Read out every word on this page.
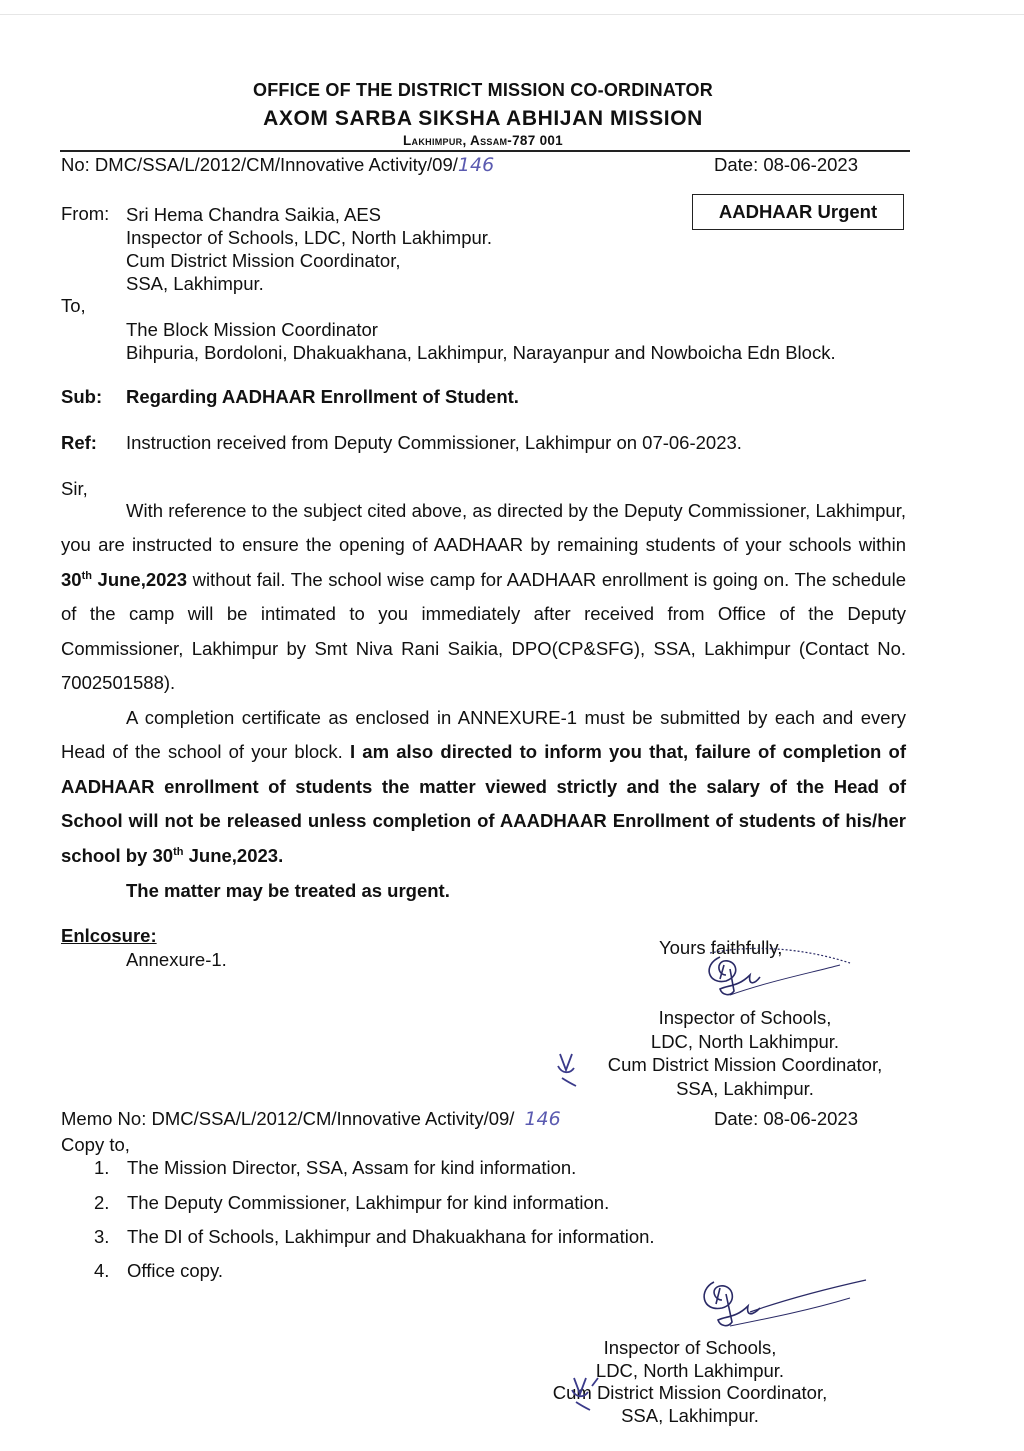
OFFICE OF THE DISTRICT MISSION CO-ORDINATOR
AXOM SARBA SIKSHA ABHIJAN MISSION
Lakhimpur, Assam-787 001
No: DMC/SSA/L/2012/CM/Innovative Activity/09/146	Date: 08-06-2023
AADHAAR Urgent
From: Sri Hema Chandra Saikia, AES
Inspector of Schools, LDC, North Lakhimpur.
Cum District Mission Coordinator,
SSA, Lakhimpur.
To,
The Block Mission Coordinator
Bihpuria, Bordoloni, Dhakuakhana, Lakhimpur, Narayanpur and Nowboicha Edn Block.
Sub: Regarding AADHAAR Enrollment of Student.
Ref: Instruction received from Deputy Commissioner, Lakhimpur on 07-06-2023.
Sir,
With reference to the subject cited above, as directed by the Deputy Commissioner, Lakhimpur, you are instructed to ensure the opening of AADHAAR by remaining students of your schools within 30th June,2023 without fail. The school wise camp for AADHAAR enrollment is going on. The schedule of the camp will be intimated to you immediately after received from Office of the Deputy Commissioner, Lakhimpur by Smt Niva Rani Saikia, DPO(CP&SFG), SSA, Lakhimpur (Contact No. 7002501588).
A completion certificate as enclosed in ANNEXURE-1 must be submitted by each and every Head of the school of your block. I am also directed to inform you that, failure of completion of AADHAAR enrollment of students the matter viewed strictly and the salary of the Head of School will not be released unless completion of AAADHAAR Enrollment of students of his/her school by 30th June,2023.
The matter may be treated as urgent.
Enlcosure:
Annexure-1.
Yours faithfully,
Inspector of Schools,
LDC, North Lakhimpur.
Cum District Mission Coordinator,
SSA, Lakhimpur.
Memo No: DMC/SSA/L/2012/CM/Innovative Activity/09/ 146	Date: 08-06-2023
Copy to,
1. The Mission Director, SSA, Assam for kind information.
2. The Deputy Commissioner, Lakhimpur for kind information.
3. The DI of Schools, Lakhimpur and Dhakuakhana for information.
4. Office copy.
Inspector of Schools,
LDC, North Lakhimpur.
Cum District Mission Coordinator,
SSA, Lakhimpur.
